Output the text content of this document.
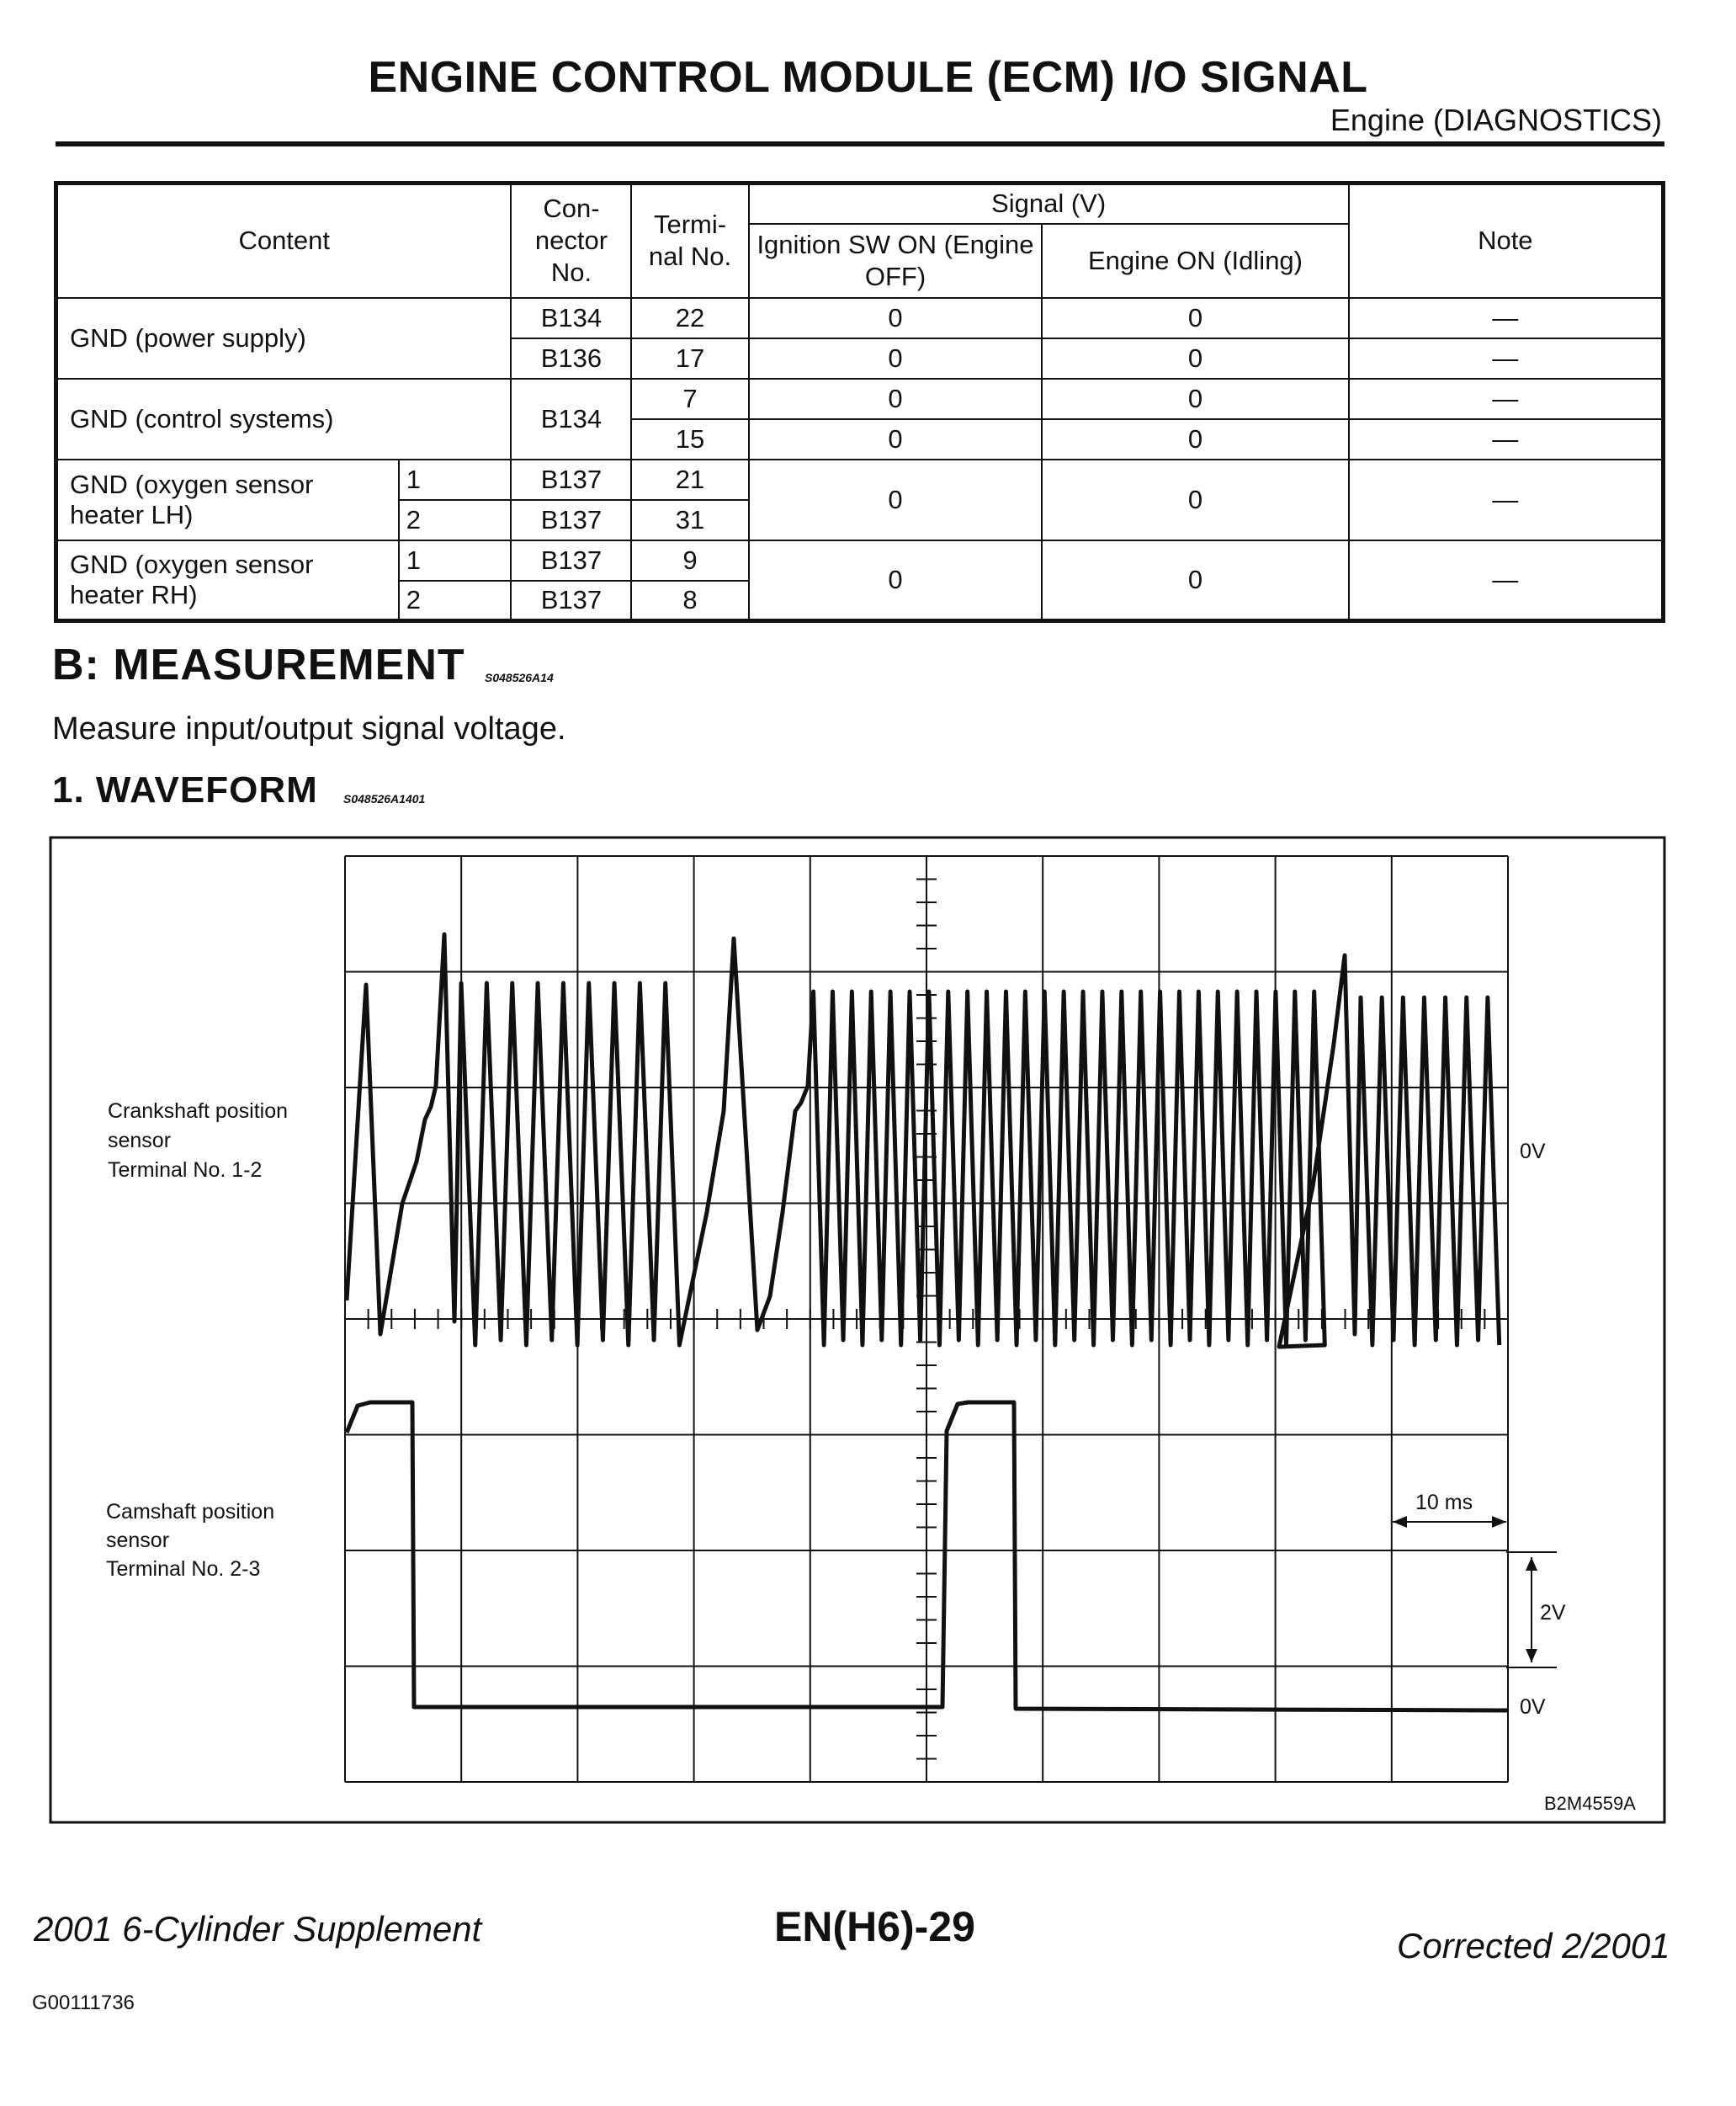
ENGINE CONTROL MODULE (ECM) I/O SIGNAL
Engine (DIAGNOSTICS)
Content		Con-nector No.	Termi-nal No.	Signal (V)		Note
				Ignition SW ON (Engine OFF)	Engine ON (Idling)	
GND (power supply)		B134	22	0	0	—
		B136	17	0	0	—
GND (control systems)		B134	7	0	0	—
			15	0	0	—
GND (oxygen sensor heater LH)	1	B137	21	0	0	—
	2	B137	31			
GND (oxygen sensor heater RH)	1	B137	9	0	0	—
	2	B137	8			
B: MEASUREMENT S048526A14
Measure input/output signal voltage.
1. WAVEFORM S048526A1401
Crankshaft position
sensor
Terminal No. 1-2
0V
Camshaft position
sensor
Terminal No. 2-3
0V
10 ms
2V
B2M4559A
2001 6-Cylinder Supplement	EN(H6)-29	Corrected 2/2001
G00111736
